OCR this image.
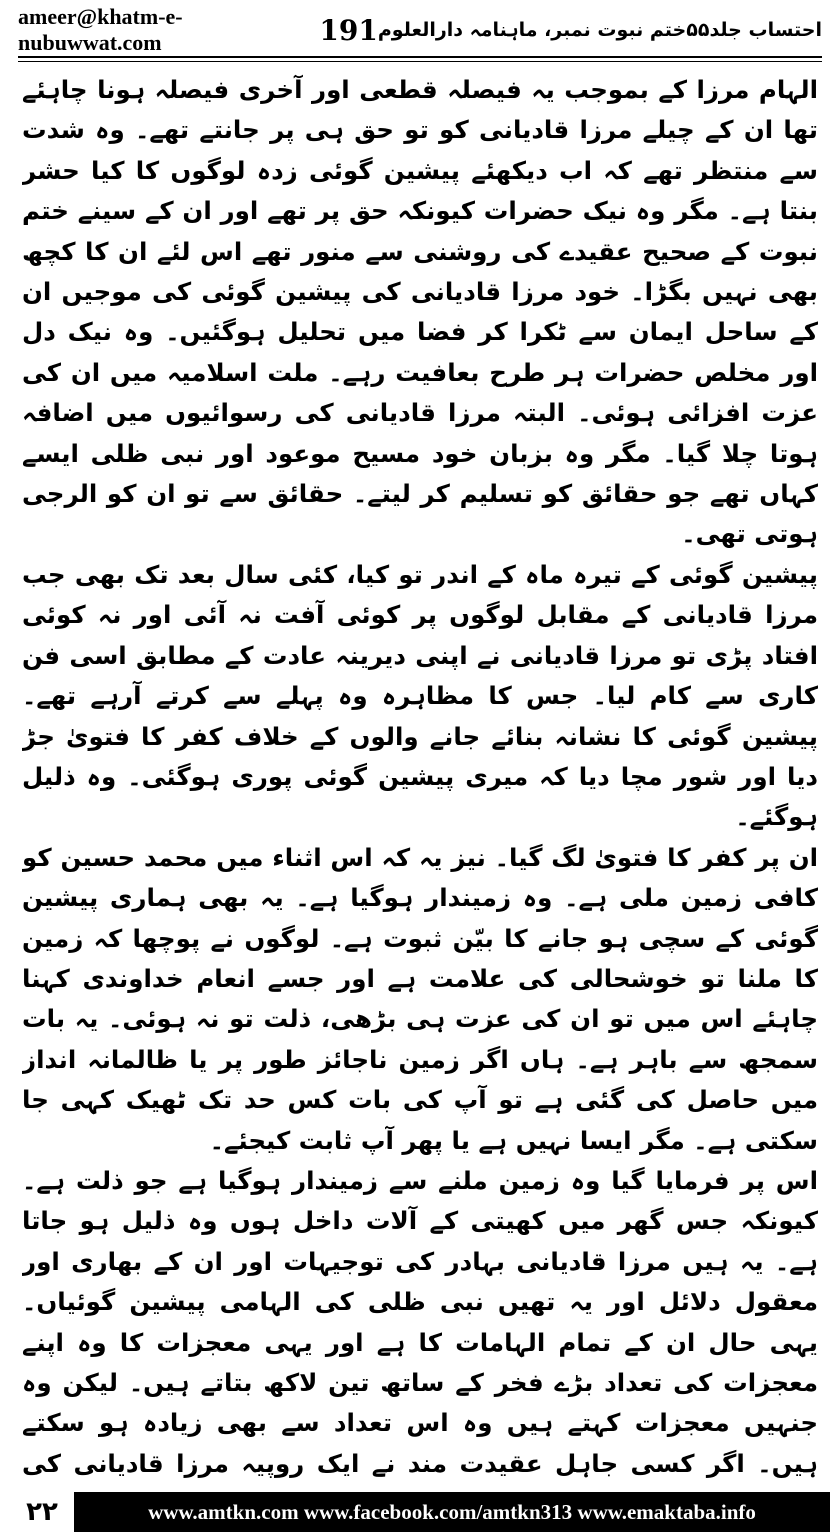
ameer@khatm-e-nubuwwat.com	191 احتساب جلد۵۵ختم نبوت نمبر، ماہنامہ دارالعلوم

الہام مرزا کے بموجب یہ فیصلہ قطعی اور آخری فیصلہ ہونا چاہئے تھا ان کے چیلے مرزا قادیانی کو تو حق ہی پر جانتے تھے۔ وہ شدت سے منتظر تھے کہ اب دیکھئے پیشین گوئی زدہ لوگوں کا کیا حشر بنتا ہے۔ مگر وہ نیک حضرات کیونکہ حق پر تھے اور ان کے سینے ختم نبوت کے صحیح عقیدے کی روشنی سے منور تھے اس لئے ان کا کچھ بھی نہیں بگڑا۔ خود مرزا قادیانی کی پیشین گوئی کی موجیں ان کے ساحل ایمان سے ٹکرا کر فضا میں تحلیل ہوگئیں۔ وہ نیک دل اور مخلص حضرات ہر طرح بعافیت رہے۔ ملت اسلامیہ میں ان کی عزت افزائی ہوئی۔ البتہ مرزا قادیانی کی رسوائیوں میں اضافہ ہوتا چلا گیا۔ مگر وہ بزبان خود مسیح موعود اور نبی ظلی ایسے کہاں تھے جو حقائق کو تسلیم کر لیتے۔ حقائق سے تو ان کو الرجی ہوتی تھی۔

پیشین گوئی کے تیرہ ماہ کے اندر تو کیا، کئی سال بعد تک بھی جب مرزا قادیانی کے مقابل لوگوں پر کوئی آفت نہ آئی اور نہ کوئی افتاد پڑی تو مرزا قادیانی نے اپنی دیرینہ عادت کے مطابق اسی فن کاری سے کام لیا۔ جس کا مظاہرہ وہ پہلے سے کرتے آرہے تھے۔ پیشین گوئی کا نشانہ بنائے جانے والوں کے خلاف کفر کا فتویٰ جڑ دیا اور شور مچا دیا کہ میری پیشین گوئی پوری ہوگئی۔ وہ ذلیل ہوگئے۔

ان پر کفر کا فتویٰ لگ گیا۔ نیز یہ کہ اس اثناء میں محمد حسین کو کافی زمین ملی ہے۔ وہ زمیندار ہوگیا ہے۔ یہ بھی ہماری پیشین گوئی کے سچی ہو جانے کا بیّن ثبوت ہے۔ لوگوں نے پوچھا کہ زمین کا ملنا تو خوشحالی کی علامت ہے اور جسے انعام خداوندی کہنا چاہئے اس میں تو ان کی عزت ہی بڑھی، ذلت تو نہ ہوئی۔ یہ بات سمجھ سے باہر ہے۔ ہاں اگر زمین ناجائز طور پر یا ظالمانہ انداز میں حاصل کی گئی ہے تو آپ کی بات کس حد تک ٹھیک کہی جا سکتی ہے۔ مگر ایسا نہیں ہے یا پھر آپ ثابت کیجئے۔

اس پر فرمایا گیا وہ زمین ملنے سے زمیندار ہوگیا ہے جو ذلت ہے۔ کیونکہ جس گھر میں کھیتی کے آلات داخل ہوں وہ ذلیل ہو جاتا ہے۔ یہ ہیں مرزا قادیانی بہادر کی توجیہات اور ان کے بھاری اور معقول دلائل اور یہ تھیں نبی ظلی کی الہامی پیشین گوئیاں۔ یہی حال ان کے تمام الہامات کا ہے اور یہی معجزات کا وہ اپنے معجزات کی تعداد بڑے فخر کے ساتھ تین لاکھ بتاتے ہیں۔ لیکن وہ جنہیں معجزات کہتے ہیں وہ اس تعداد سے بھی زیادہ ہو سکتے ہیں۔ اگر کسی جاہل عقیدت مند نے ایک روپیہ مرزا قادیانی کی

۲۲	www.amtkn.com www.facebook.com/amtkn313 www.emaktaba.info
